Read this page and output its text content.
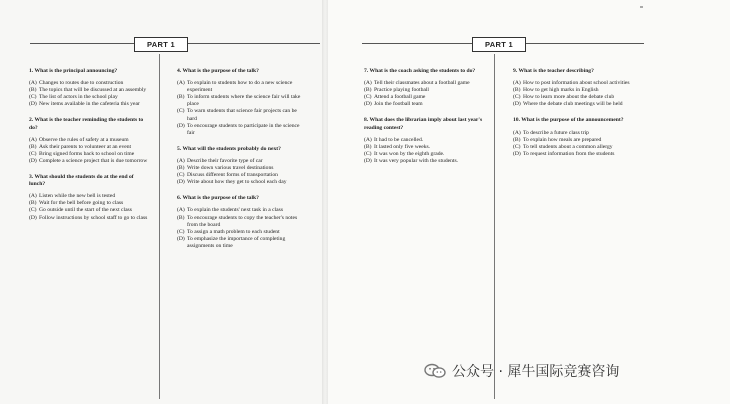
PART 1	PART 1
1. What is the principal announcing?
(A) Changes to routes due to construction
(B) The topics that will be discussed at an assembly
(C) The list of actors in the school play
(D) New items available in the cafeteria this year
2. What is the teacher reminding the students to do?
(A) Observe the rules of safety at a museum
(B) Ask their parents to volunteer at an event
(C) Bring signed forms back to school on time
(D) Complete a science project that is due tomorrow
3. What should the students do at the end of lunch?
(A) Listen while the new bell is tested
(B) Wait for the bell before going to class
(C) Go outside until the start of the next class
(D) Follow instructions by school staff to go to class
4. What is the purpose of the talk?
(A) To explain to students how to do a new science experiment
(B) To inform students where the science fair will take place
(C) To warn students that science fair projects can be hard
(D) To encourage students to participate in the science fair
5. What will the students probably do next?
(A) Describe their favorite type of car
(B) Write down various travel destinations
(C) Discuss different forms of transportation
(D) Write about how they get to school each day
6. What is the purpose of the talk?
(A) To explain the students' next task in a class
(B) To encourage students to copy the teacher's notes from the board
(C) To assign a math problem to each student
(D) To emphasize the importance of completing assignments on time
7. What is the coach asking the students to do?
(A) Tell their classmates about a football game
(B) Practice playing football
(C) Attend a football game
(D) Join the football team
8. What does the librarian imply about last year's reading contest?
(A) It had to be cancelled.
(B) It lasted only five weeks.
(C) It was won by the eighth grade.
(D) It was very popular with the students.
9. What is the teacher describing?
(A) How to post information about school activities
(B) How to get high marks in English
(C) How to learn more about the debate club
(D) Where the debate club meetings will be held
10. What is the purpose of the announcement?
(A) To describe a future class trip
(B) To explain how meals are prepared
(C) To tell students about a common allergy
(D) To request information from the students
公众号 · 犀牛国际竞赛咨询
